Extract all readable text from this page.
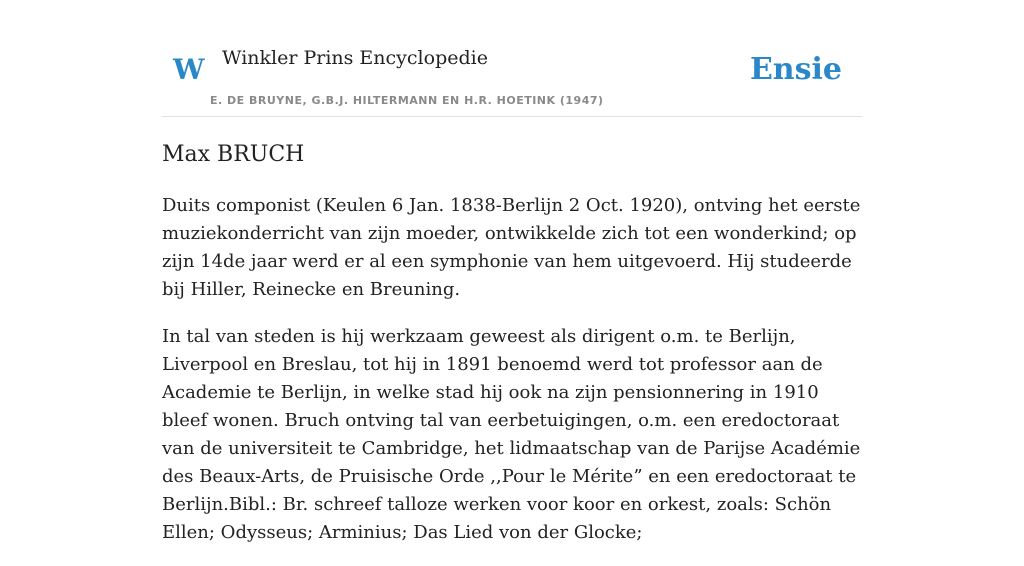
W Winkler Prins Encyclopedie
E. DE BRUYNE, G.B.J. HILTERMANN EN H.R. HOETINK (1947)
Ensie
Max BRUCH

Duits componist (Keulen 6 Jan. 1838-Berlijn 2 Oct. 1920), ontving het eerste muziekonderricht van zijn moeder, ontwikkelde zich tot een wonderkind; op zijn 14de jaar werd er al een symphonie van hem uitgevoerd. Hij studeerde bij Hiller, Reinecke en Breuning.

In tal van steden is hij werkzaam geweest als dirigent o.m. te Berlijn, Liverpool en Breslau, tot hij in 1891 benoemd werd tot professor aan de Academie te Berlijn, in welke stad hij ook na zijn pensionnering in 1910 bleef wonen. Bruch ontving tal van eerbetuigingen, o.m. een eredoctoraat van de universiteit te Cambridge, het lidmaatschap van de Parijse Académie des Beaux-Arts, de Pruisische Orde ,,Pour le Mérite” en een eredoctoraat te Berlijn.Bibl.: Br. schreef talloze werken voor koor en orkest, zoals: Schön Ellen; Odysseus; Arminius; Das Lied von der Glocke;
